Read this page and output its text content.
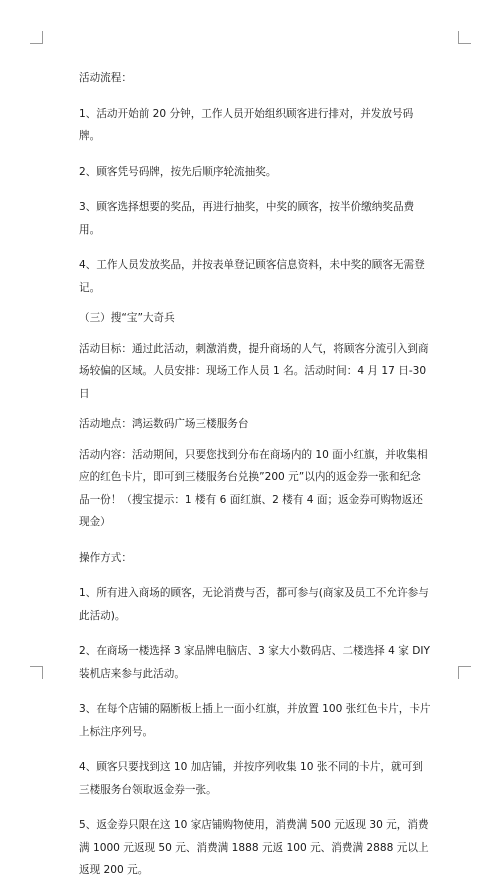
活动流程：

1、活动开始前 20 分钟，工作人员开始组织顾客进行排对，并发放号码牌。

2、顾客凭号码牌，按先后顺序轮流抽奖。

3、顾客选择想要的奖品，再进行抽奖，中奖的顾客，按半价缴纳奖品费用。

4、工作人员发放奖品，并按表单登记顾客信息资料，未中奖的顾客无需登记。

（三）搜“宝”大奇兵

活动目标：通过此活动，刺激消费，提升商场的人气，将顾客分流引入到商场较偏的区域。人员安排：现场工作人员 1 名。活动时间：4 月 17 日-30 日

活动地点：鸿运数码广场三楼服务台

活动内容：活动期间，只要您找到分布在商场内的 10 面小红旗，并收集相应的红色卡片，即可到三楼服务台兑换”200 元”以内的返金券一张和纪念品一份！（搜宝提示：1 楼有 6 面红旗、2 楼有 4 面；返金券可购物返还现金）

操作方式：

1、所有进入商场的顾客，无论消费与否，都可参与(商家及员工不允许参与此活动)。

2、在商场一楼选择 3 家品牌电脑店、3 家大小数码店、二楼选择 4 家 DIY 装机店来参与此活动。

3、在每个店铺的隔断板上插上一面小红旗，并放置 100 张红色卡片，卡片上标注序列号。

4、顾客只要找到这 10 加店铺，并按序列收集 10 张不同的卡片，就可到三楼服务台领取返金券一张。

5、返金券只限在这 10 家店铺购物使用，消费满 500 元返现 30 元，消费满 1000 元返现 50 元、消费满 1888 元返 100 元、消费满 2888 元以上返现 200 元。
